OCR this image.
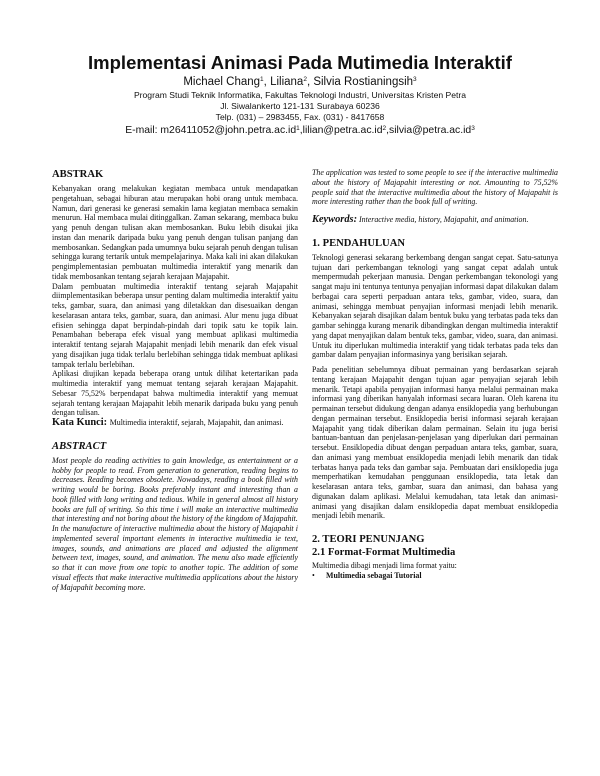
Implementasi Animasi Pada Mutimedia Interaktif
Michael Chang$^1$, Liliana$^2$, Silvia Rostianingsih$^3$
Program Studi Teknik Informatika, Fakultas Teknologi Industri, Universitas Kristen Petra
Jl. Siwalankerto 121-131 Surabaya 60236
Telp. (031) – 2983455, Fax. (031) - 8417658
E-mail: $m26411052@john.petra.ac.id^1,lilian@petra.ac.id^2,silvia@petra.ac.id^3$
ABSTRAK

Kebanyakan orang melakukan kegiatan membaca untuk mendapatkan pengetahuan, sebagai hiburan atau merupakan hobi orang untuk membaca. Namun, dari generasi ke generasi semakin lama kegiatan membaca semakin menurun. Hal membaca mulai ditinggalkan. Zaman sekarang, membaca buku yang penuh dengan tulisan akan membosankan. Buku lebih disukai jika instan dan menarik daripada buku yang penuh dengan tulisan panjang dan membosankan. Sedangkan pada umumnya buku sejarah penuh dengan tulisan sehingga kurang tertarik untuk mempelajarinya. Maka kali ini akan dilakukan pengimplementasian pembuatan multimedia interaktif yang menarik dan tidak membosankan tentang sejarah kerajaan Majapahit.

Dalam pembuatan multimedia interaktif tentang sejarah Majapahit diimplementasikan beberapa unsur penting dalam multimedia interaktif yaitu teks, gambar, suara, dan animasi yang diletakkan dan disesuaikan dengan keselarasan antara teks, gambar, suara, dan animasi. Alur menu juga dibuat efisien sehingga dapat berpindah-pindah dari topik satu ke topik lain. Penambahan beberapa efek visual yang membuat aplikasi multimedia interaktif tentang sejarah Majapahit menjadi lebih menarik dan efek visual yang disajikan juga tidak terlalu berlebihan sehingga tidak membuat aplikasi tampak terlalu berlebihan.

Aplikasi diujikan kepada beberapa orang untuk dilihat ketertarikan pada multimedia interaktif yang memuat tentang sejarah kerajaan Majapahit. Sebesar 75,52% berpendapat bahwa multimedia interaktif yang memuat sejarah tentang kerajaan Majapahit lebih menarik daripada buku yang penuh dengan tulisan.

Kata Kunci: Multimedia interaktif, sejarah, Majapahit, dan animasi.

ABSTRACT

Most people do reading activities to gain knowledge, as entertainment or a hobby for people to read. From generation to generation, reading begins to decreases. Reading becomes obsolete. Nowadays, reading a book filled with writing would be boring. Books preferably instant and interesting than a book filled with long writing and tedious. While in general almost all history books are full of writing. So this time i will make an interactive multimedia that interesting and not boring about the history of the kingdom of Majapahit.

In the manufacture of interactive multimedia about the history of Majapahit i implemented several important elements in interactive multimedia ie text, images, sounds, and animations are placed and adjusted the alignment between text, images, sound, and animation. The menu also made efficiently so that it can move from one topic to another topic. The addition of some visual effects that make interactive multimedia applications about the history of Majapahit becoming more.

The application was tested to some people to see if the interactive multimedia about the history of Majapahit interesting or not. Amounting to 75,52% people said that the interactive multimedia about the history of Majapahit is more interesting rather than the book full of writing.

Keywords: Interactive media, history, Majapahit, and animation.

1. PENDAHULUAN

Teknologi generasi sekarang berkembang dengan sangat cepat. Satu-satunya tujuan dari perkembangan teknologi yang sangat cepat adalah untuk mempermudah pekerjaan manusia. Dengan perkembangan tekonologi yang sangat maju ini tentunya tentunya penyajian informasi dapat dilakukan dalam berbagai cara seperti perpaduan antara teks, gambar, video, suara, dan animasi, sehingga membuat penyajian informasi menjadi lebih menarik. Kebanyakan sejarah disajikan dalam bentuk buku yang terbatas pada teks dan gambar sehingga kurang menarik dibandingkan dengan multimedia interaktif yang dapat menyajikan dalam bentuk teks, gambar, video, suara, dan animasi. Untuk itu diperlukan multimedia interaktif yang tidak terbatas pada teks dan gambar dalam penyajian informasinya yang berisikan sejarah.

Pada penelitian sebelumnya dibuat permainan yang berdasarkan sejarah tentang kerajaan Majapahit dengan tujuan agar penyajian sejarah lebih menarik. Tetapi apabila penyajian informasi hanya melalui permainan maka informasi yang diberikan hanyalah informasi secara luaran. Oleh karena itu permainan tersebut didukung dengan adanya ensiklopedia yang berhubungan dengan permainan tersebut. Ensiklopedia berisi informasi sejarah kerajaan Majapahit yang tidak diberikan dalam permainan. Selain itu juga berisi bantuan-bantuan dan penjelasan-penjelasan yang diperlukan dari permainan tersebut. Ensiklopedia dibuat dengan perpaduan antara teks, gambar, suara, dan animasi yang membuat ensiklopedia menjadi lebih menarik dan tidak terbatas hanya pada teks dan gambar saja. Pembuatan dari ensiklopedia juga memperhatikan kemudahan penggunaan ensiklopedia, tata letak dan keselarasan antara teks, gambar, suara dan animasi, dan bahasa yang digunakan dalam aplikasi. Melalui kemudahan, tata letak dan animasi-animasi yang disajikan dalam ensiklopedia dapat membuat ensiklopedia menjadi lebih menarik.

2. TEORI PENUNJANG
2.1 Format-Format Multimedia

Multimedia dibagi menjadi lima format yaitu:

• Multimedia sebagai Tutorial
